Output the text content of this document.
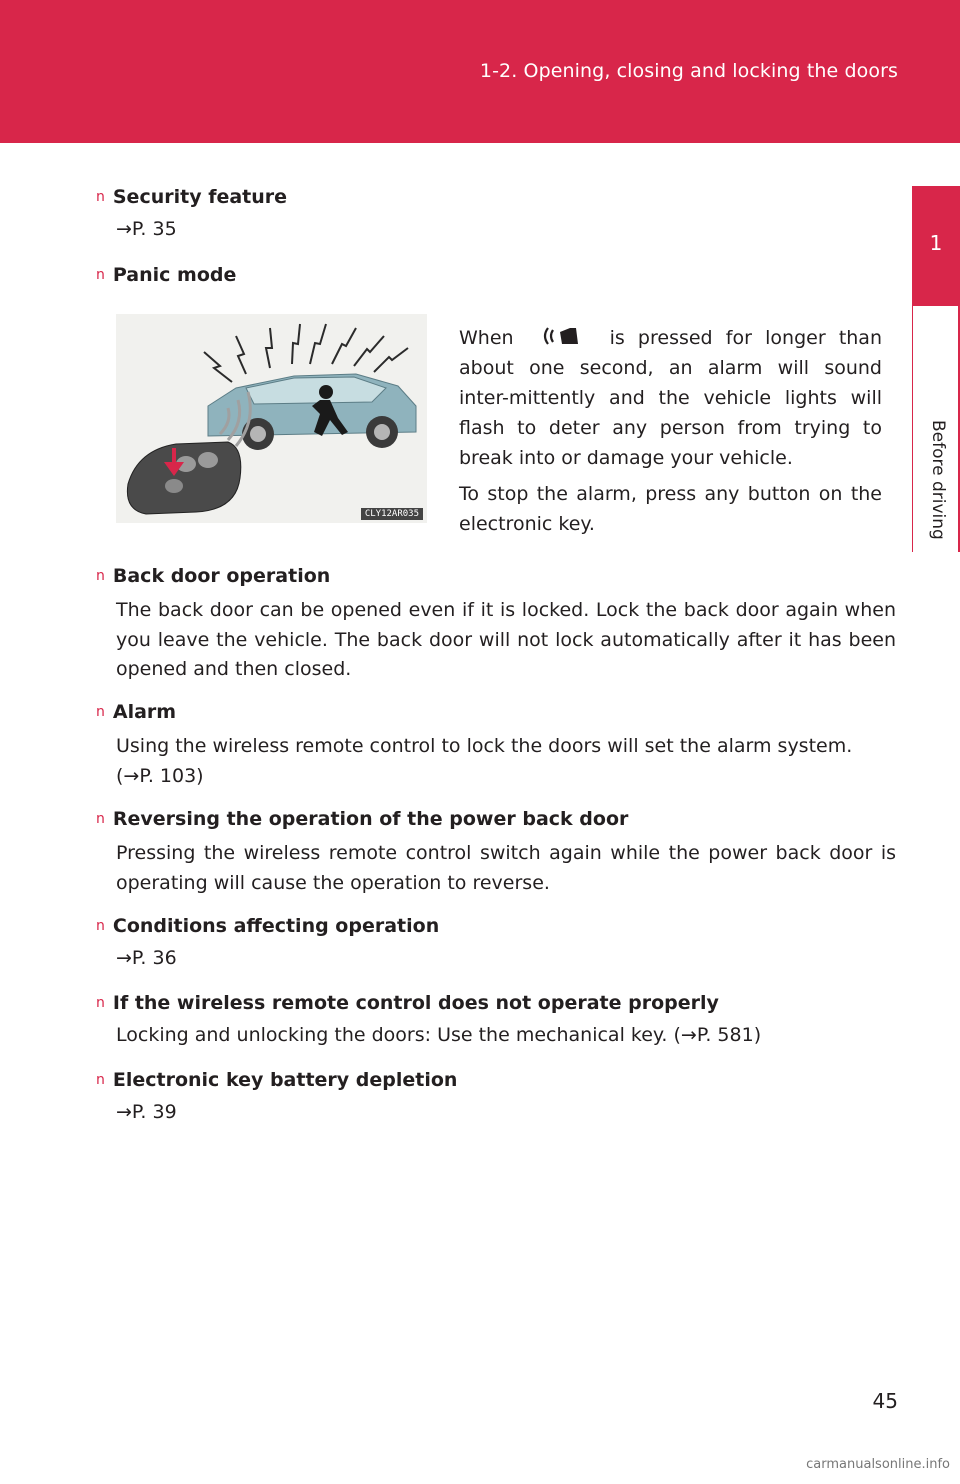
1-2. Opening, closing and locking the doors
1
Before driving
n Security feature
→P. 35
n Panic mode
CLY12AR035

When	is pressed for longer than about one second, an alarm will sound inter-mittently and the vehicle lights will flash to deter any person from trying to break into or damage your vehicle.

To stop the alarm, press any button on the electronic key.

n Back door operation
The back door can be opened even if it is locked. Lock the back door again when you leave the vehicle. The back door will not lock automatically after it has been opened and then closed.
n Alarm
Using the wireless remote control to lock the doors will set the alarm system. (→P. 103)
n Reversing the operation of the power back door
Pressing the wireless remote control switch again while the power back door is operating will cause the operation to reverse.
n Conditions affecting operation
→P. 36
n If the wireless remote control does not operate properly
Locking and unlocking the doors: Use the mechanical key. (→P. 581)
n Electronic key battery depletion
→P. 39
45
carmanualsonline.info
